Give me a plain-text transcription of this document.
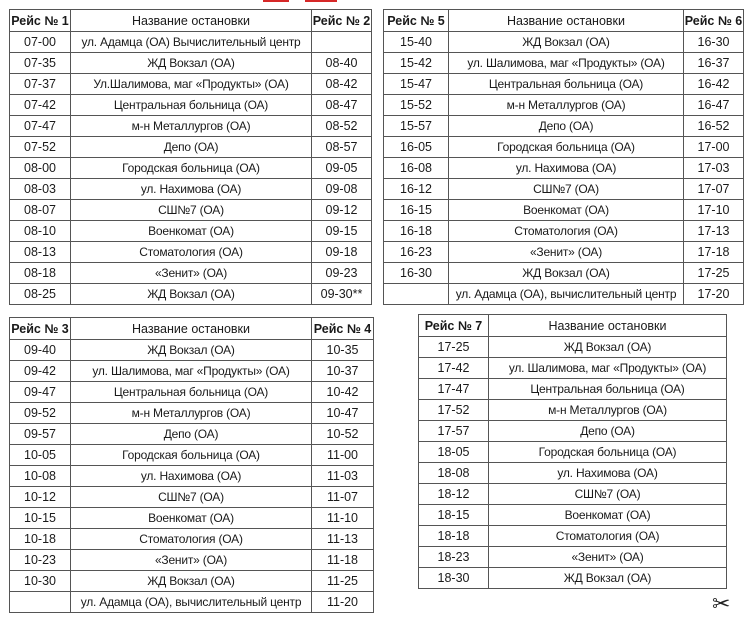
Рейс № 1	Название остановки	Рейс № 2
07-00	ул. Адамца (ОА) Вычислительный центр	
07-35	ЖД Вокзал (ОА)	08-40
07-37	Ул.Шалимова, маг «Продукты» (ОА)	08-42
07-42	Центральная больница (ОА)	08-47
07-47	м-н Металлургов (ОА)	08-52
07-52	Депо (ОА)	08-57
08-00	Городская больница (ОА)	09-05
08-03	ул. Нахимова (ОА)	09-08
08-07	СШ№7 (ОА)	09-12
08-10	Военкомат (ОА)	09-15
08-13	Стоматология (ОА)	09-18
08-18	«Зенит» (ОА)	09-23
08-25	ЖД Вокзал (ОА)	09-30**
Рейс № 5	Название остановки	Рейс № 6
15-40	ЖД Вокзал (ОА)	16-30
15-42	ул. Шалимова, маг «Продукты» (ОА)	16-37
15-47	Центральная больница (ОА)	16-42
15-52	м-н Металлургов (ОА)	16-47
15-57	Депо (ОА)	16-52
16-05	Городская больница (ОА)	17-00
16-08	ул. Нахимова (ОА)	17-03
16-12	СШ№7 (ОА)	17-07
16-15	Военкомат (ОА)	17-10
16-18	Стоматология (ОА)	17-13
16-23	«Зенит» (ОА)	17-18
16-30	ЖД Вокзал (ОА)	17-25
	ул. Адамца (ОА), вычислительный центр	17-20
Рейс № 3	Название остановки	Рейс № 4
09-40	ЖД Вокзал (ОА)	10-35
09-42	ул. Шалимова, маг «Продукты» (ОА)	10-37
09-47	Центральная больница (ОА)	10-42
09-52	м-н Металлургов (ОА)	10-47
09-57	Депо (ОА)	10-52
10-05	Городская больница (ОА)	11-00
10-08	ул. Нахимова (ОА)	11-03
10-12	СШ№7 (ОА)	11-07
10-15	Военкомат (ОА)	11-10
10-18	Стоматология (ОА)	11-13
10-23	«Зенит» (ОА)	11-18
10-30	ЖД Вокзал (ОА)	11-25
	ул. Адамца (ОА), вычислительный центр	11-20
Рейс № 7	Название остановки
17-25	ЖД Вокзал (ОА)
17-42	ул. Шалимова, маг «Продукты» (ОА)
17-47	Центральная больница (ОА)
17-52	м-н Металлургов (ОА)
17-57	Депо (ОА)
18-05	Городская больница (ОА)
18-08	ул. Нахимова (ОА)
18-12	СШ№7 (ОА)
18-15	Военкомат (ОА)
18-18	Стоматология (ОА)
18-23	«Зенит» (ОА)
18-30	ЖД Вокзал (ОА)
✂
